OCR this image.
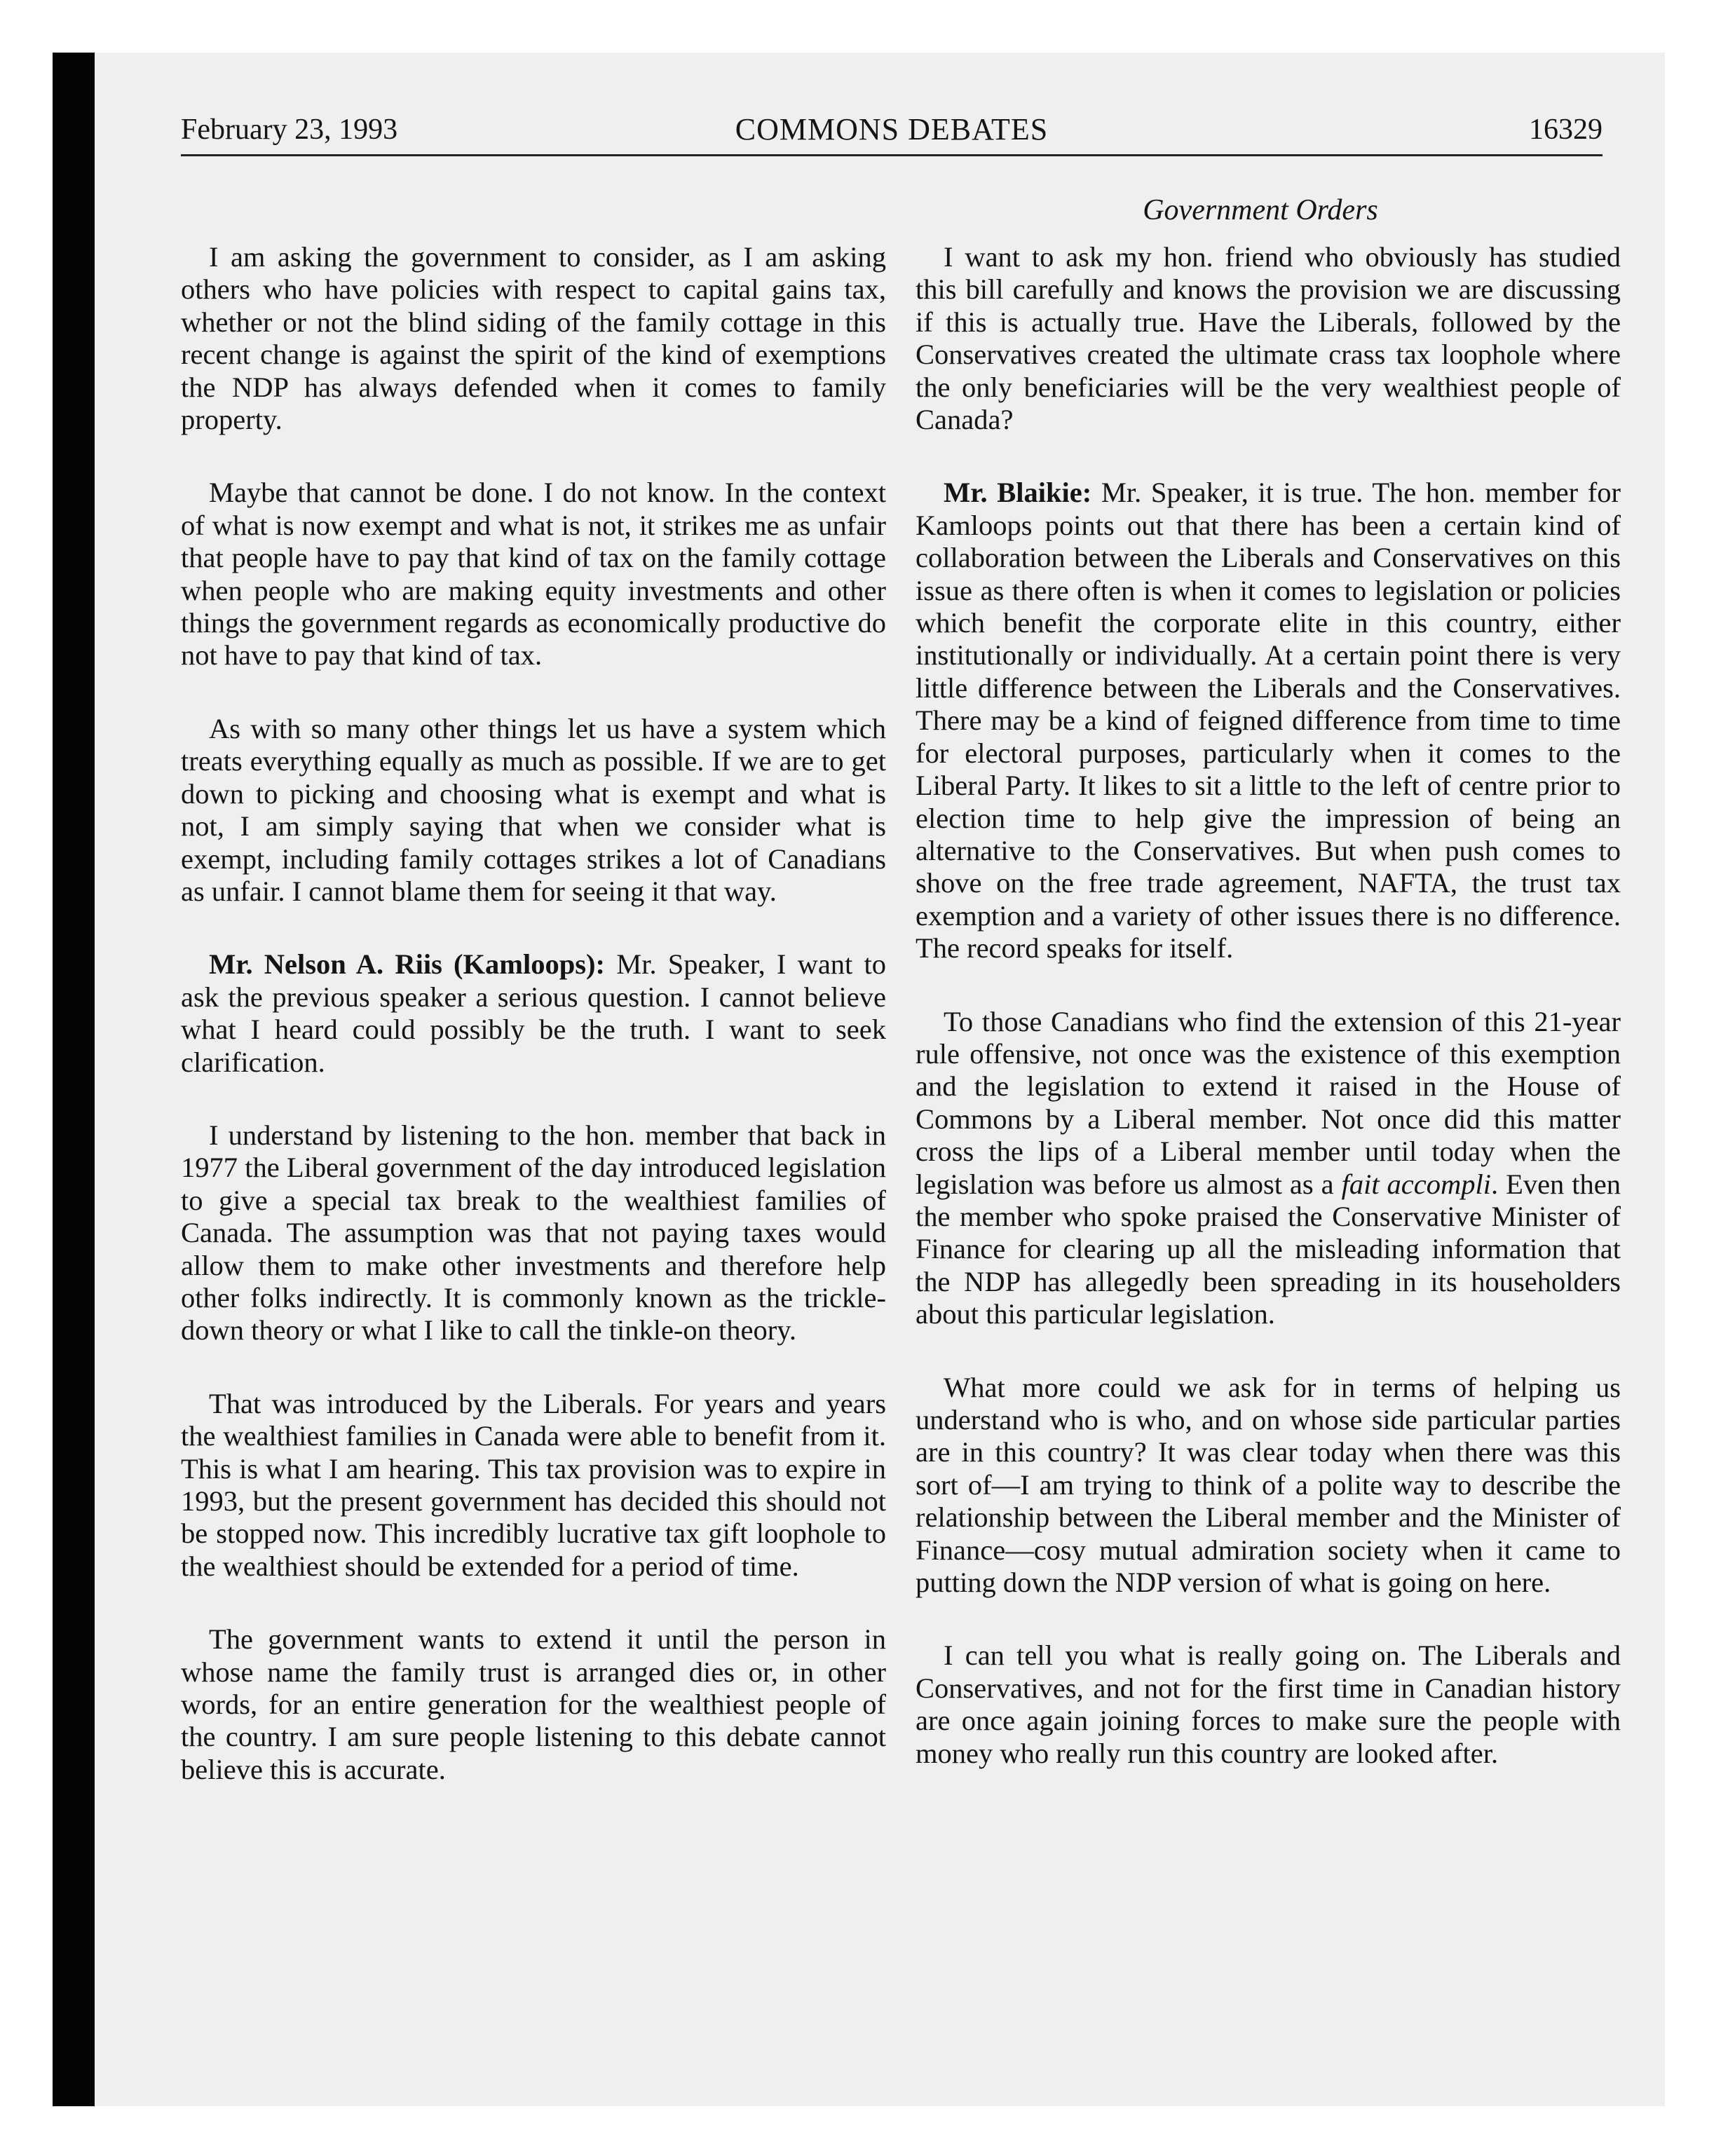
February 23, 1993	COMMONS DEBATES	16329
Government Orders

I am asking the government to consider, as I am asking others who have policies with respect to capital gains tax, whether or not the blind siding of the family cottage in this recent change is against the spirit of the kind of exemptions the NDP has always defended when it comes to family property.

Maybe that cannot be done. I do not know. In the context of what is now exempt and what is not, it strikes me as unfair that people have to pay that kind of tax on the family cottage when people who are making equity investments and other things the government regards as economically productive do not have to pay that kind of tax.

As with so many other things let us have a system which treats everything equally as much as possible. If we are to get down to picking and choosing what is exempt and what is not, I am simply saying that when we consider what is exempt, including family cottages strikes a lot of Canadians as unfair. I cannot blame them for seeing it that way.

Mr. Nelson A. Riis (Kamloops): Mr. Speaker, I want to ask the previous speaker a serious question. I cannot believe what I heard could possibly be the truth. I want to seek clarification.

I understand by listening to the hon. member that back in 1977 the Liberal government of the day introduced legislation to give a special tax break to the wealthiest families of Canada. The assumption was that not paying taxes would allow them to make other investments and therefore help other folks indirectly. It is commonly known as the trickle-down theory or what I like to call the tinkle-on theory.

That was introduced by the Liberals. For years and years the wealthiest families in Canada were able to benefit from it. This is what I am hearing. This tax provision was to expire in 1993, but the present government has decided this should not be stopped now. This incredibly lucrative tax gift loophole to the wealthiest should be extended for a period of time.

The government wants to extend it until the person in whose name the family trust is arranged dies or, in other words, for an entire generation for the wealthiest people of the country. I am sure people listening to this debate cannot believe this is accurate.

I want to ask my hon. friend who obviously has studied this bill carefully and knows the provision we are discussing if this is actually true. Have the Liberals, followed by the Conservatives created the ultimate crass tax loophole where the only beneficiaries will be the very wealthiest people of Canada?

Mr. Blaikie: Mr. Speaker, it is true. The hon. member for Kamloops points out that there has been a certain kind of collaboration between the Liberals and Conservatives on this issue as there often is when it comes to legislation or policies which benefit the corporate elite in this country, either institutionally or individually. At a certain point there is very little difference between the Liberals and the Conservatives. There may be a kind of feigned difference from time to time for electoral purposes, particularly when it comes to the Liberal Party. It likes to sit a little to the left of centre prior to election time to help give the impression of being an alternative to the Conservatives. But when push comes to shove on the free trade agreement, NAFTA, the trust tax exemption and a variety of other issues there is no difference. The record speaks for itself.

To those Canadians who find the extension of this 21-year rule offensive, not once was the existence of this exemption and the legislation to extend it raised in the House of Commons by a Liberal member. Not once did this matter cross the lips of a Liberal member until today when the legislation was before us almost as a fait accompli. Even then the member who spoke praised the Conservative Minister of Finance for clearing up all the misleading information that the NDP has allegedly been spreading in its householders about this particular legislation.

What more could we ask for in terms of helping us understand who is who, and on whose side particular parties are in this country? It was clear today when there was this sort of—I am trying to think of a polite way to describe the relationship between the Liberal member and the Minister of Finance—cosy mutual admiration society when it came to putting down the NDP version of what is going on here.

I can tell you what is really going on. The Liberals and Conservatives, and not for the first time in Canadian history are once again joining forces to make sure the people with money who really run this country are looked after.
